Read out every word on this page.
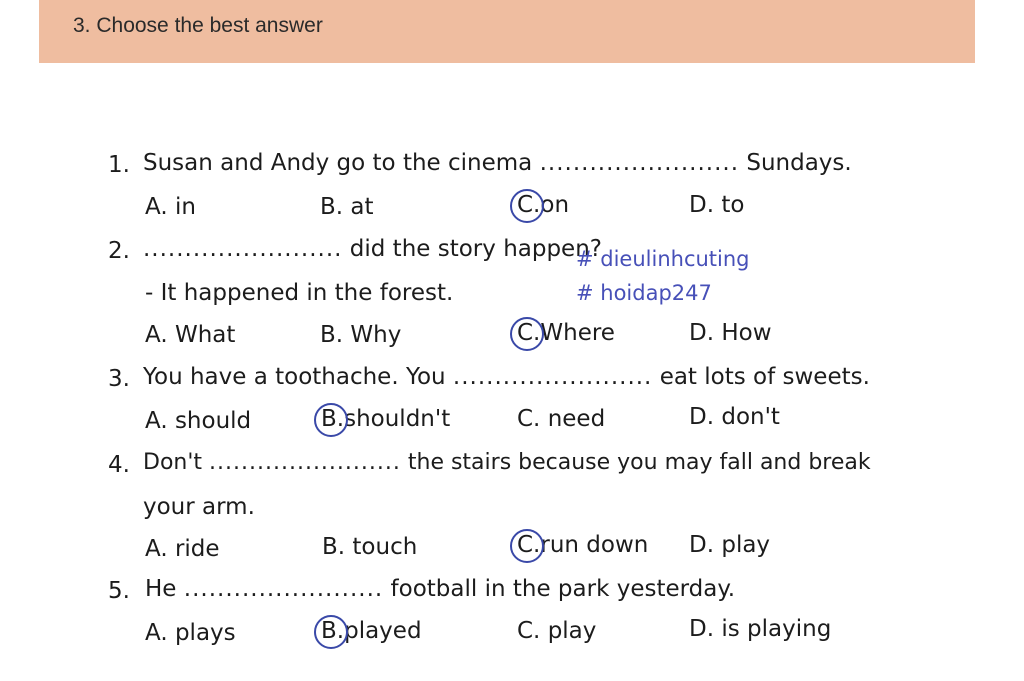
3. Choose the best answer
1. Susan and Andy go to the cinema ........................ Sundays.
A. in	B. at	C.on	D. to
2. ........................ did the story happen?
- It happened in the forest.
A. What	B. Why	C.Where	D. How
# dieulinhcuting
# hoidap247
3. You have a toothache. You ........................ eat lots of sweets.
A. should	B.shouldn't	C. need	D. don't
4. Don't ........................ the stairs because you may fall and break
your arm.
A. ride	B. touch	C.run down D. play
5. He ........................ football in the park yesterday.
A. plays	B.played	C. play	D. is playing
